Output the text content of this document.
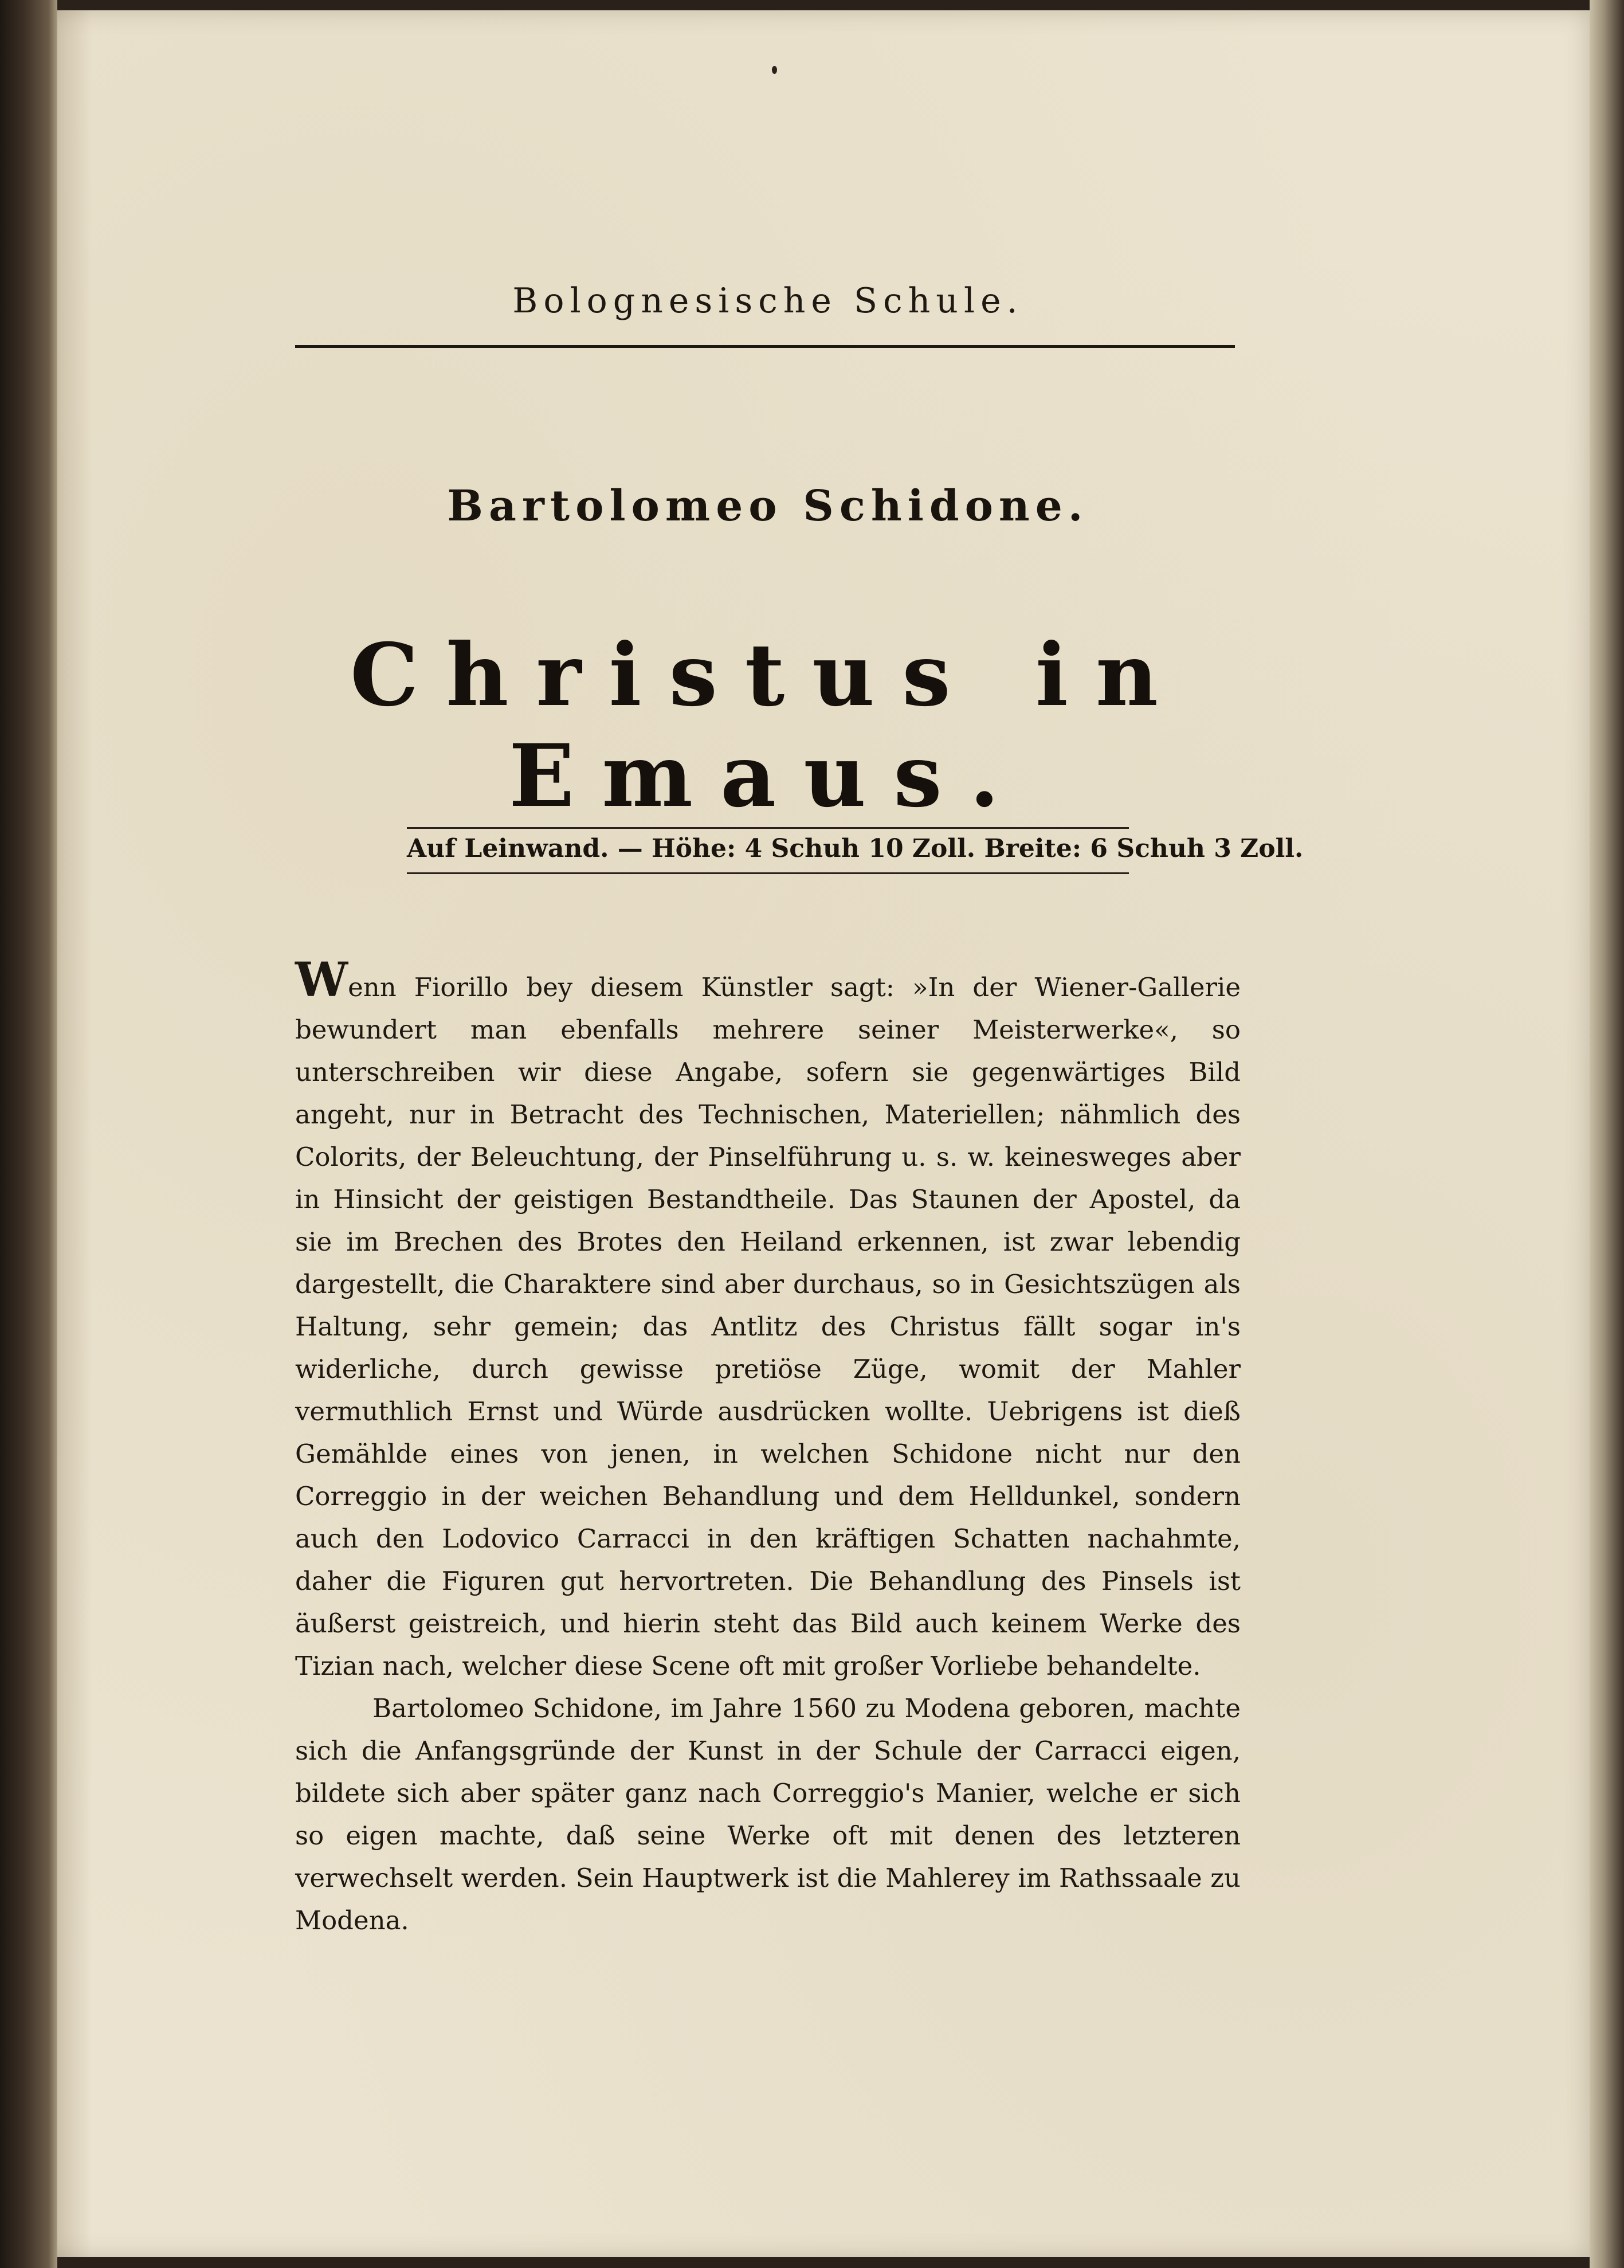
Bolognesische Schule.
Bartolomeo Schidone.
Christus in Emaus.
Auf Leinwand. — Höhe: 4 Schuh 10 Zoll. Breite: 6 Schuh 3 Zoll.

Wenn Fiorillo bey diesem Künstler sagt: »In der Wiener-Gallerie bewundert man ebenfalls mehrere seiner Meisterwerke«, so unterschreiben wir diese Angabe, sofern sie gegenwärtiges Bild angeht, nur in Betracht des Technischen, Materiellen; nähmlich des Colorits, der Beleuchtung, der Pinselführung u. s. w. keinesweges aber in Hinsicht der geistigen Bestandtheile. Das Staunen der Apostel, da sie im Brechen des Brotes den Heiland erkennen, ist zwar lebendig dargestellt, die Charaktere sind aber durchaus, so in Gesichtszügen als Haltung, sehr gemein; das Antlitz des Christus fällt sogar in's widerliche, durch gewisse pretiöse Züge, womit der Mahler vermuthlich Ernst und Würde ausdrücken wollte. Uebrigens ist dieß Gemählde eines von jenen, in welchen Schidone nicht nur den Correggio in der weichen Behandlung und dem Helldunkel, sondern auch den Lodovico Carracci in den kräftigen Schatten nachahmte, daher die Figuren gut hervortreten. Die Behandlung des Pinsels ist äußerst geistreich, und hierin steht das Bild auch keinem Werke des Tizian nach, welcher diese Scene oft mit großer Vorliebe behandelte.

Bartolomeo Schidone, im Jahre 1560 zu Modena geboren, machte sich die Anfangsgründe der Kunst in der Schule der Carracci eigen, bildete sich aber später ganz nach Correggio's Manier, welche er sich so eigen machte, daß seine Werke oft mit denen des letzteren verwechselt werden. Sein Hauptwerk ist die Mahlerey im Rathssaale zu Modena.
